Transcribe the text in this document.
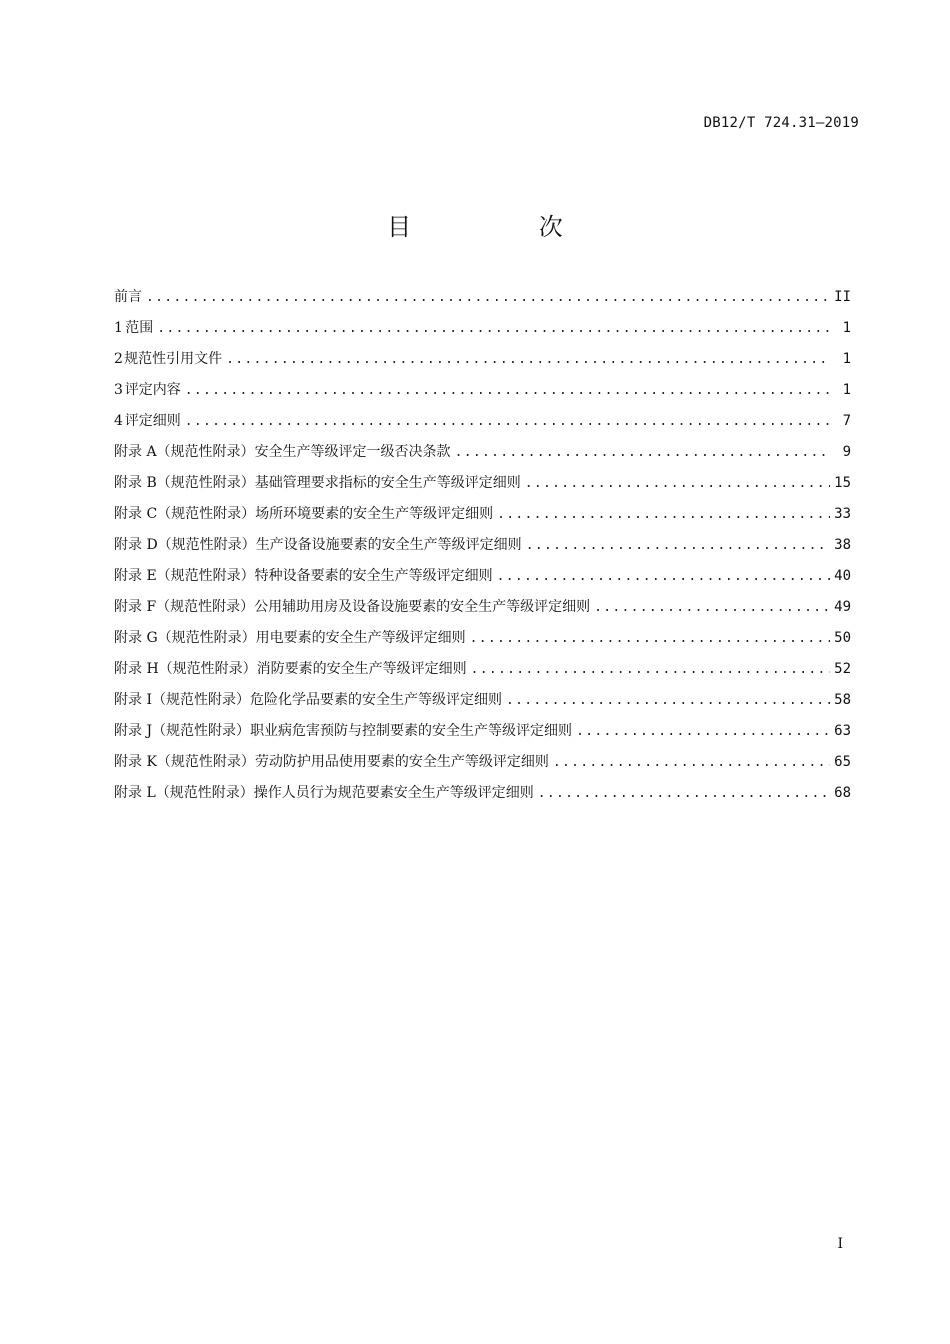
DB12/T 724.31—2019
目 次
前言 .....	II
1 范围 .....	1
2 规范性引用文件 .....	1
3 评定内容 .....	1
4 评定细则 .....	7
附录 A（规范性附录） 安全生产等级评定一级否决条款 .....	9
附录 B（规范性附录） 基础管理要求指标的安全生产等级评定细则 .....	15
附录 C（规范性附录） 场所环境要素的安全生产等级评定细则 .....	33
附录 D（规范性附录） 生产设备设施要素的安全生产等级评定细则 .....	38
附录 E（规范性附录） 特种设备要素的安全生产等级评定细则 .....	40
附录 F（规范性附录） 公用辅助用房及设备设施要素的安全生产等级评定细则 .....	49
附录 G（规范性附录） 用电要素的安全生产等级评定细则 .....	50
附录 H（规范性附录） 消防要素的安全生产等级评定细则 .....	52
附录 I（规范性附录） 危险化学品要素的安全生产等级评定细则 .....	58
附录 J（规范性附录） 职业病危害预防与控制要素的安全生产等级评定细则 .....	63
附录 K（规范性附录） 劳动防护用品使用要素的安全生产等级评定细则 .....	65
附录 L（规范性附录） 操作人员行为规范要素安全生产等级评定细则 .....	68
I
